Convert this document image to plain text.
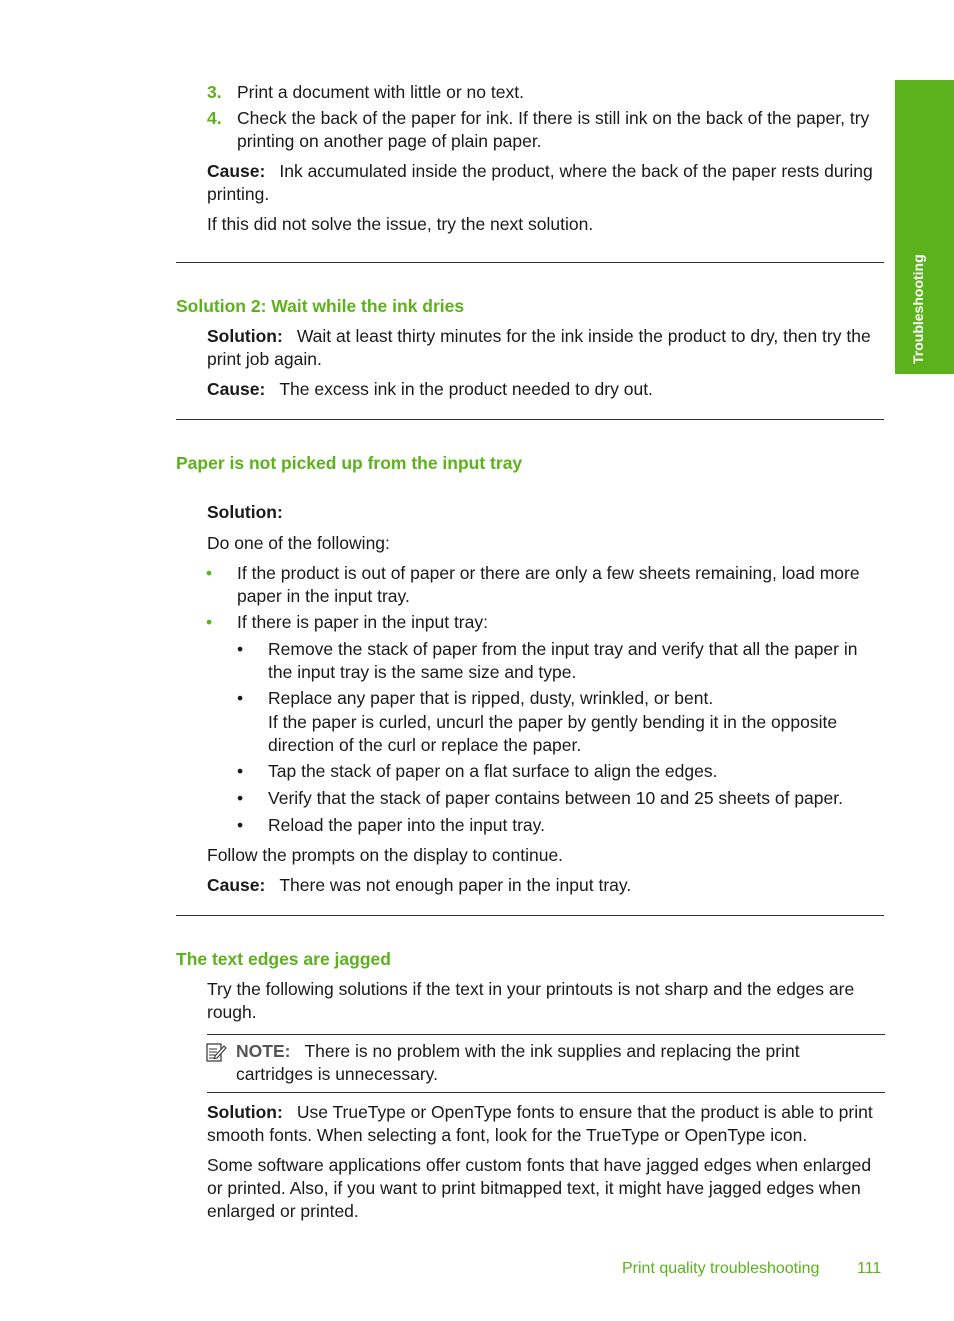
Troubleshooting
3. Print a document with little or no text.
4. Check the back of the paper for ink. If there is still ink on the back of the paper, try printing on another page of plain paper.
Cause: Ink accumulated inside the product, where the back of the paper rests during printing.
If this did not solve the issue, try the next solution.
Solution 2: Wait while the ink dries
Solution: Wait at least thirty minutes for the ink inside the product to dry, then try the print job again.
Cause: The excess ink in the product needed to dry out.
Paper is not picked up from the input tray
Solution:
Do one of the following:
• If the product is out of paper or there are only a few sheets remaining, load more paper in the input tray.
• If there is paper in the input tray:
• Remove the stack of paper from the input tray and verify that all the paper in the input tray is the same size and type.
• Replace any paper that is ripped, dusty, wrinkled, or bent.
If the paper is curled, uncurl the paper by gently bending it in the opposite direction of the curl or replace the paper.
• Tap the stack of paper on a flat surface to align the edges.
• Verify that the stack of paper contains between 10 and 25 sheets of paper.
• Reload the paper into the input tray.
Follow the prompts on the display to continue.
Cause: There was not enough paper in the input tray.
The text edges are jagged
Try the following solutions if the text in your printouts is not sharp and the edges are rough.
NOTE: There is no problem with the ink supplies and replacing the print cartridges is unnecessary.
Solution: Use TrueType or OpenType fonts to ensure that the product is able to print smooth fonts. When selecting a font, look for the TrueType or OpenType icon.
Some software applications offer custom fonts that have jagged edges when enlarged or printed. Also, if you want to print bitmapped text, it might have jagged edges when enlarged or printed.
Print quality troubleshooting 111
